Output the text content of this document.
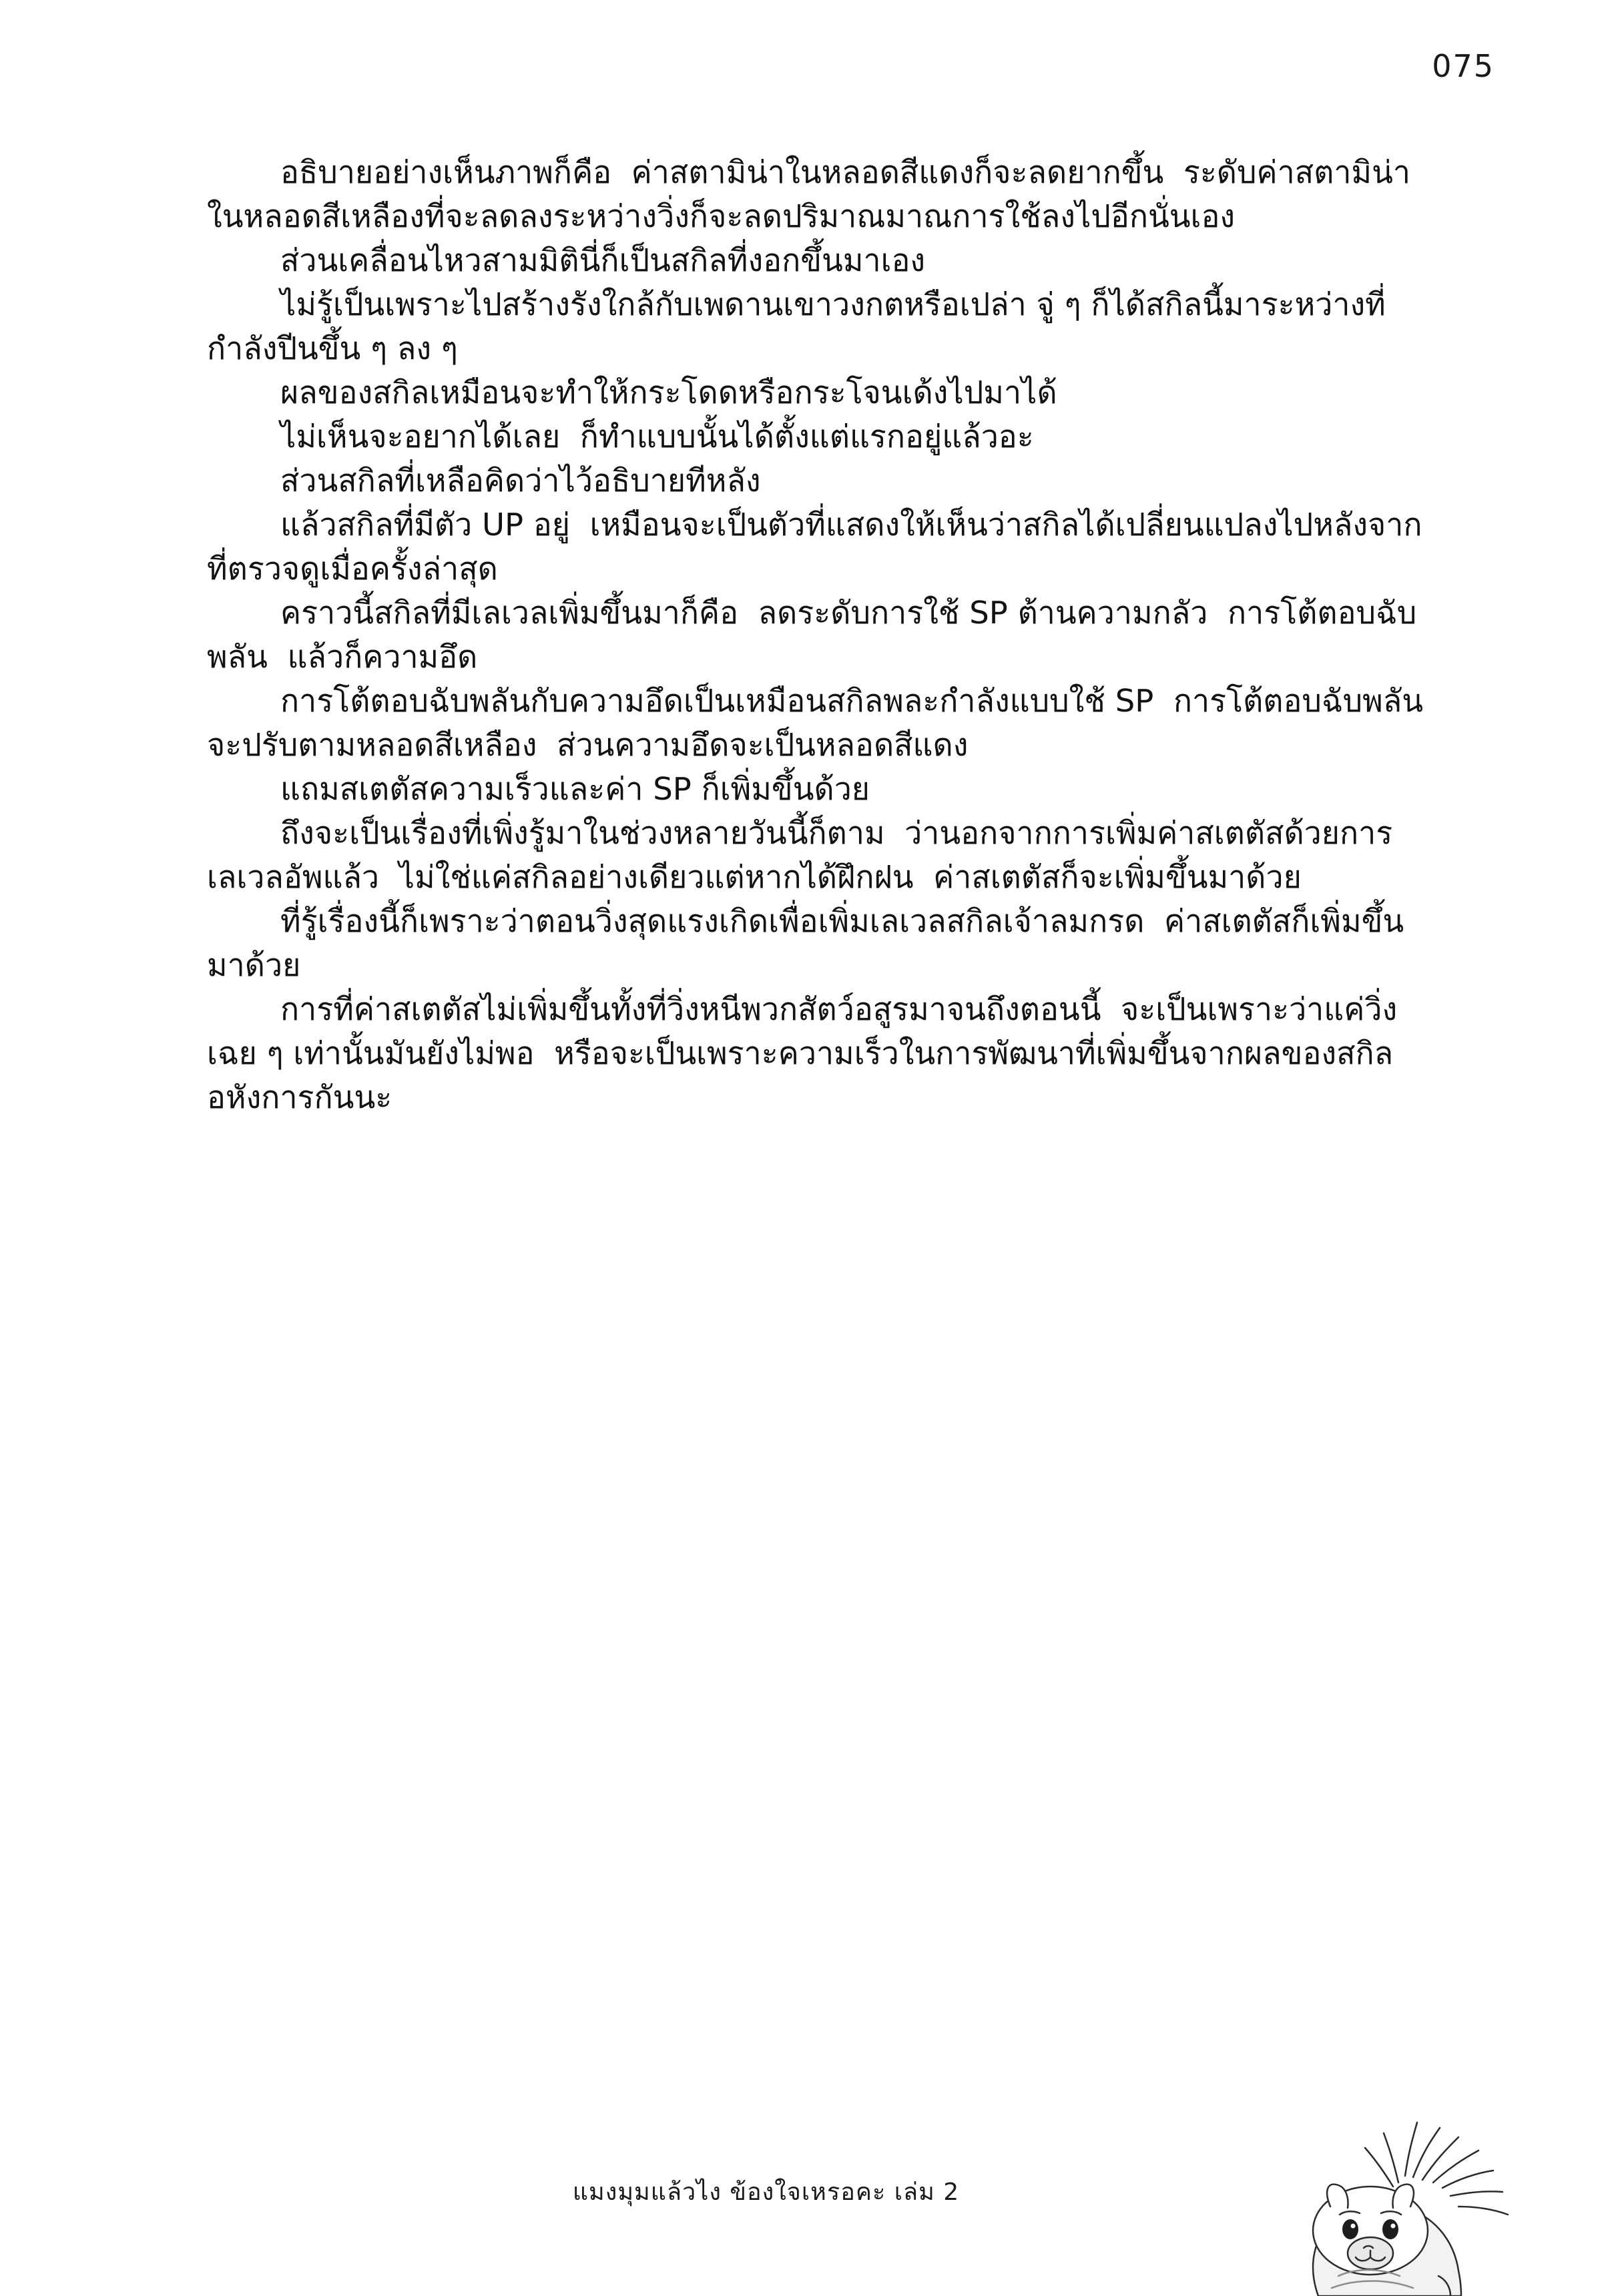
075

อธิบายอย่างเห็นภาพก็คือ  ค่าสตามิน่าในหลอดสีแดงก็จะลดยากขึ้น  ระดับค่าสตามิน่าในหลอดสีเหลืองที่จะลดลงระหว่างวิ่งก็จะลดปริมาณมาณการใช้ลงไปอีกนั่นเอง

ส่วนเคลื่อนไหวสามมิตินี่ก็เป็นสกิลที่งอกขึ้นมาเอง

ไม่รู้เป็นเพราะไปสร้างรังใกล้กับเพดานเขาวงกตหรือเปล่า จู่ ๆ ก็ได้สกิลนี้มาระหว่างที่กำลังปีนขึ้น ๆ ลง ๆ

ผลของสกิลเหมือนจะทำให้กระโดดหรือกระโจนเด้งไปมาได้

ไม่เห็นจะอยากได้เลย  ก็ทำแบบนั้นได้ตั้งแต่แรกอยู่แล้วอะ

ส่วนสกิลที่เหลือคิดว่าไว้อธิบายทีหลัง

แล้วสกิลที่มีตัว UP อยู่  เหมือนจะเป็นตัวที่แสดงให้เห็นว่าสกิลได้เปลี่ยนแปลงไปหลังจากที่ตรวจดูเมื่อครั้งล่าสุด

คราวนี้สกิลที่มีเลเวลเพิ่มขึ้นมาก็คือ  ลดระดับการใช้ SP ต้านความกลัว  การโต้ตอบฉับพลัน  แล้วก็ความอึด

การโต้ตอบฉับพลันกับความอึดเป็นเหมือนสกิลพละกำลังแบบใช้ SP  การโต้ตอบฉับพลันจะปรับตามหลอดสีเหลือง  ส่วนความอึดจะเป็นหลอดสีแดง

แถมสเตตัสความเร็วและค่า SP ก็เพิ่มขึ้นด้วย

ถึงจะเป็นเรื่องที่เพิ่งรู้มาในช่วงหลายวันนี้ก็ตาม  ว่านอกจากการเพิ่มค่าสเตตัสด้วยการเลเวลอัพแล้ว  ไม่ใช่แค่สกิลอย่างเดียวแต่หากได้ฝึกฝน  ค่าสเตตัสก็จะเพิ่มขึ้นมาด้วย

ที่รู้เรื่องนี้ก็เพราะว่าตอนวิ่งสุดแรงเกิดเพื่อเพิ่มเลเวลสกิลเจ้าลมกรด  ค่าสเตตัสก็เพิ่มขึ้นมาด้วย

การที่ค่าสเตตัสไม่เพิ่มขึ้นทั้งที่วิ่งหนีพวกสัตว์อสูรมาจนถึงตอนนี้  จะเป็นเพราะว่าแค่วิ่งเฉย ๆ เท่านั้นมันยังไม่พอ  หรือจะเป็นเพราะความเร็วในการพัฒนาที่เพิ่มขึ้นจากผลของสกิลอหังการกันนะ

แมงมุมแล้วไง ข้องใจเหรอคะ เล่ม 2
